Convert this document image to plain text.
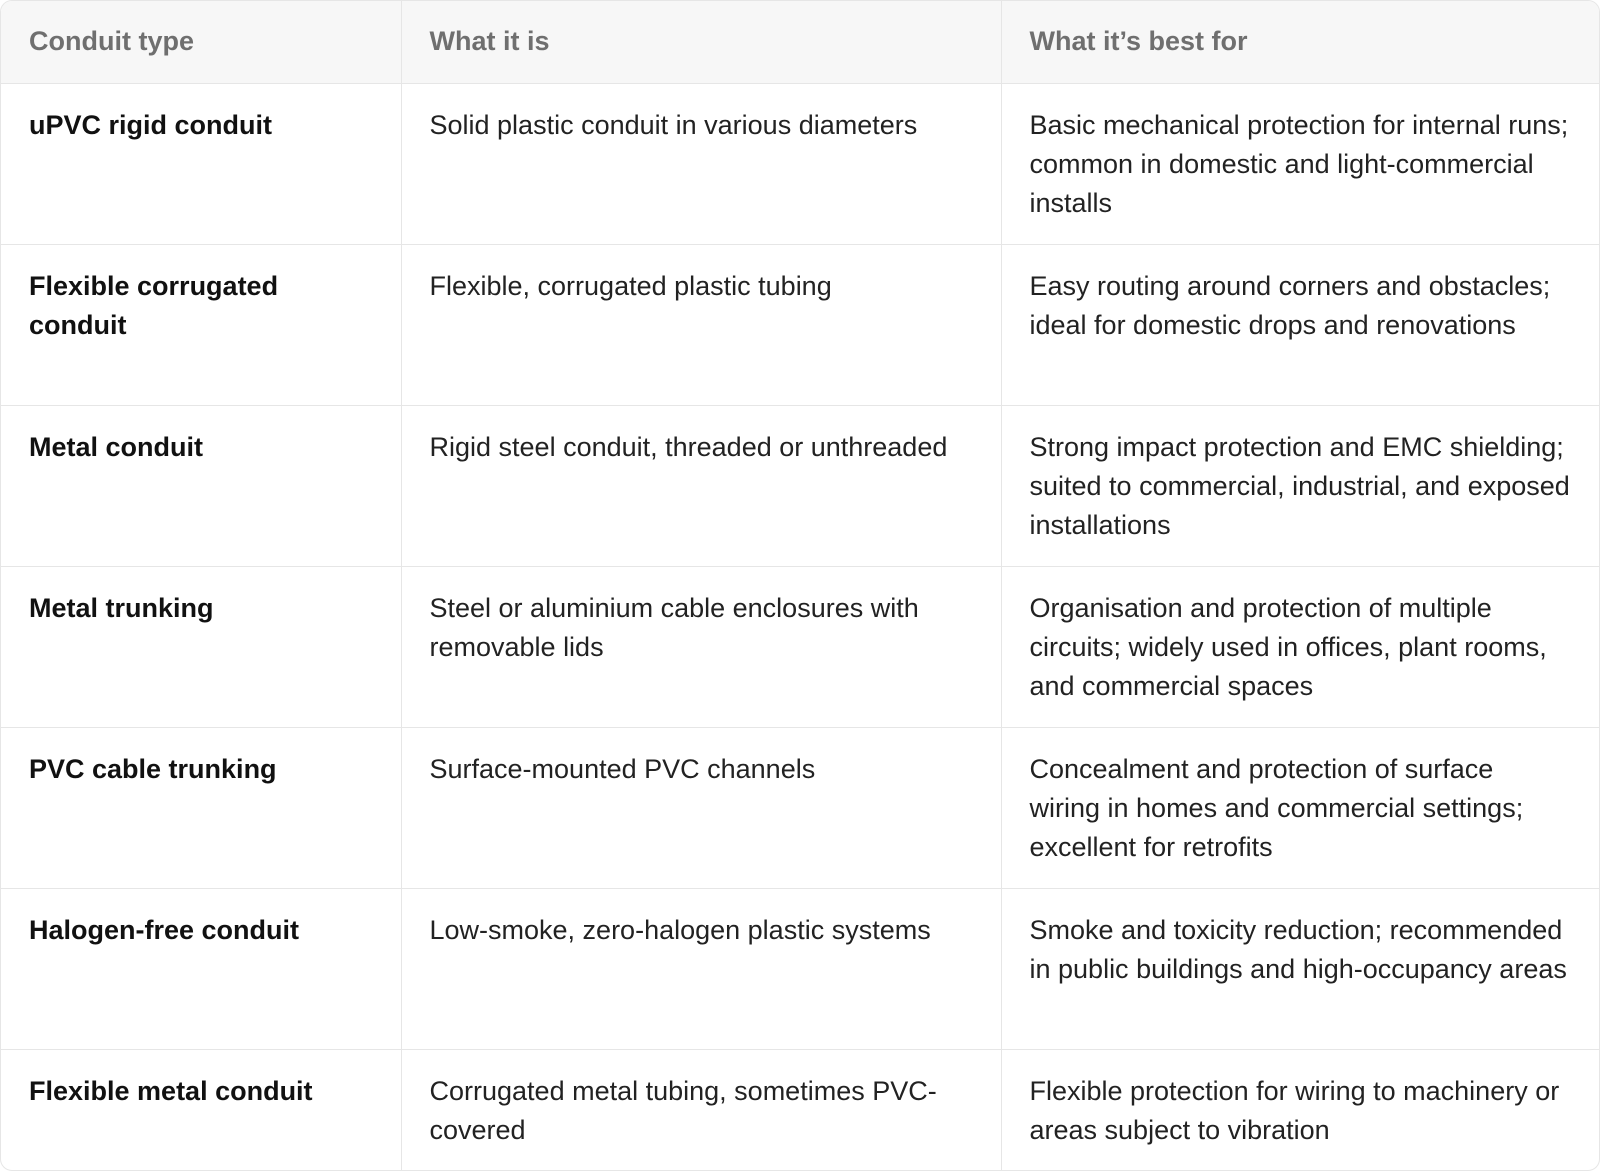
Conduit type	What it is	What it’s best for
uPVC rigid conduit	Solid plastic conduit in various diameters	Basic mechanical protection for internal runs; common in domestic and light-commercial installs
Flexible corrugated conduit	Flexible, corrugated plastic tubing	Easy routing around corners and obstacles; ideal for domestic drops and renovations
Metal conduit	Rigid steel conduit, threaded or unthreaded	Strong impact protection and EMC shielding; suited to commercial, industrial, and exposed installations
Metal trunking	Steel or aluminium cable enclosures with removable lids	Organisation and protection of multiple circuits; widely used in offices, plant rooms, and commercial spaces
PVC cable trunking	Surface-mounted PVC channels	Concealment and protection of surface wiring in homes and commercial settings; excellent for retrofits
Halogen-free conduit	Low-smoke, zero-halogen plastic systems	Smoke and toxicity reduction; recommended in public buildings and high-occupancy areas
Flexible metal conduit	Corrugated metal tubing, sometimes PVC-covered	Flexible protection for wiring to machinery or areas subject to vibration
